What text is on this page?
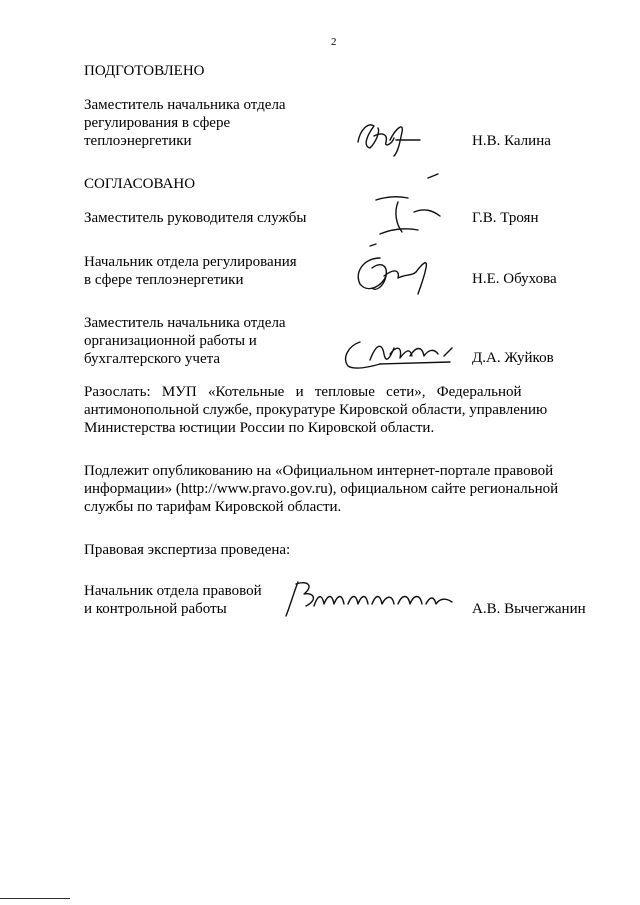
2
ПОДГОТОВЛЕНО
Заместитель начальника отдела
регулирования в сфере
теплоэнергетики	Н.В. Калина
СОГЛАСОВАНО
Заместитель руководителя службы	Г.В. Троян
Начальник отдела регулирования
в сфере теплоэнергетики	Н.Е. Обухова
Заместитель начальника отдела
организационной работы и
бухгалтерского учета	Д.А. Жуйков
Разослать:   МУП   «Котельные   и   тепловые   сети»,   Федеральной
антимонопольной службе, прокуратуре Кировской области, управлению
Министерства юстиции России по Кировской области.
Подлежит опубликованию на «Официальном интернет-портале правовой
информации» (http://www.pravo.gov.ru), официальном сайте региональной
службы по тарифам Кировской области.
Правовая экспертиза проведена:
Начальник отдела правовой
и контрольной работы	А.В. Вычегжанин
